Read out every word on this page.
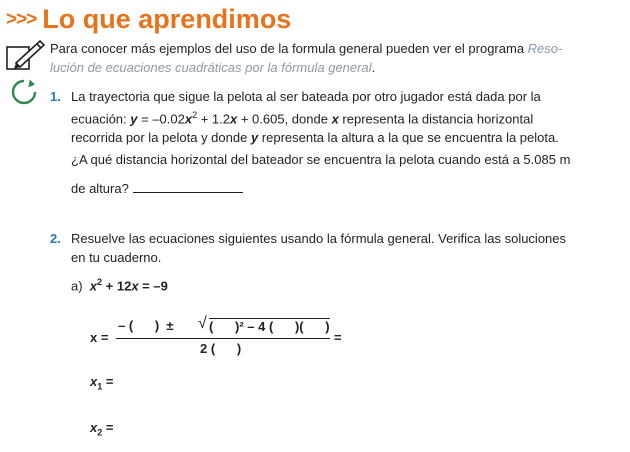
>>> Lo que aprendimos
Para conocer más ejemplos del uso de la formula general pueden ver el programa Reso-
lución de ecuaciones cuadráticas por la fórmula general.
1. La trayectoria que sigue la pelota al ser bateada por otro jugador está dada por la
ecuación: $y = -0.02x^2 + 1.2x + 0.605$, donde x representa la distancia horizontal
recorrida por la pelota y donde y representa la altura a la que se encuentra la pelota.
¿A qué distancia horizontal del bateador se encuentra la pelota cuando está a 5.085 m
de altura?
2. Resuelve las ecuaciones siguientes usando la fórmula general. Verifica las soluciones
en tu cuaderno.
a) $x^2 + 12x = -9$
x =
– (      )  ± √ (      )² – 4 (      )(      )
2 (      )
=
$x_1$ =
$x_2$ =
